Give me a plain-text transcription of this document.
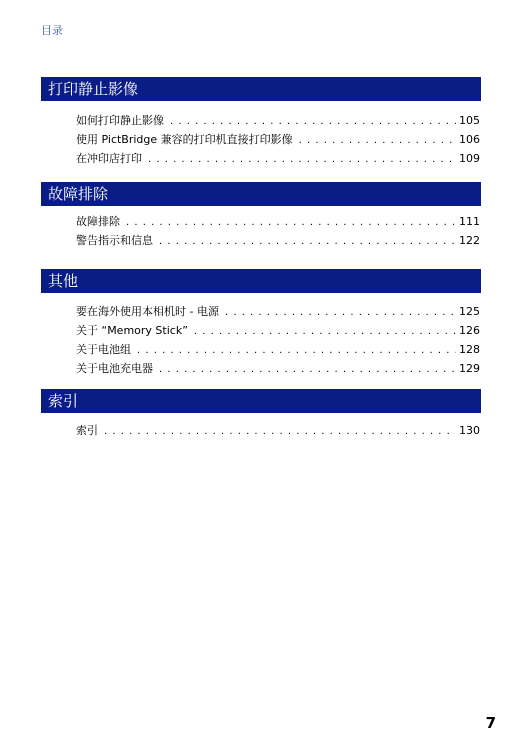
目录
打印静止影像
如何打印静止影像 . . .	105
使用 PictBridge 兼容的打印机直接打印影像 . . .	106
在冲印店打印 . . .	109
故障排除
故障排除 . . .	111
警告指示和信息 . . .	122
其他
要在海外使用本相机时 - 电源 . . .	125
关于 “Memory Stick” . . .	126
关于电池组 . . .	128
关于电池充电器 . . .	129
索引
索引 . . .	130
7
